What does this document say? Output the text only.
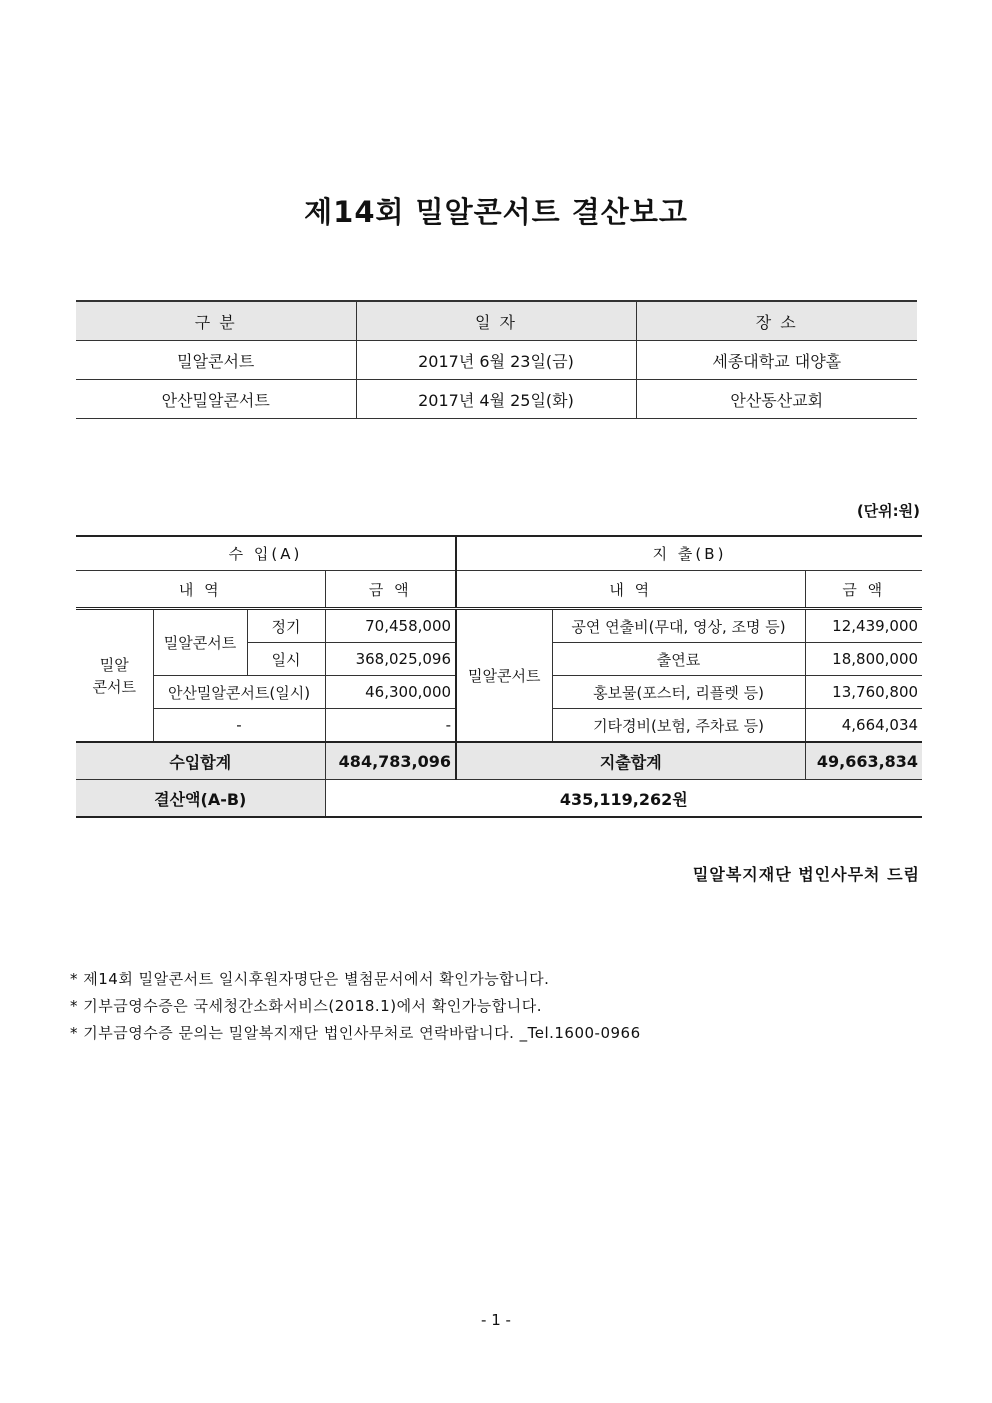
제14회 밀알콘서트 결산보고
구 분	일 자	장 소
밀알콘서트	2017년 6월 23일(금)	세종대학교 대양홀
안산밀알콘서트	2017년 4월 25일(화)	안산동산교회
(단위:원)
수 입(A)				지 출(B)		
내 역			금 액	내 역		금 액
밀알
콘서트	밀알콘서트	정기	70,458,000	밀알콘서트	공연 연출비(무대, 영상, 조명 등)	12,439,000
		일시	368,025,096		출연료	18,800,000
	안산밀알콘서트(일시)		46,300,000		홍보물(포스터, 리플렛 등)	13,760,800
	-		-		기타경비(보험, 주차료 등)	4,664,034
수입합계			484,783,096	지출합계		49,663,834
결산액(A-B)			435,119,262원			
밀알복지재단 법인사무처 드림
* 제14회 밀알콘서트 일시후원자명단은 별첨문서에서 확인가능합니다.
* 기부금영수증은 국세청간소화서비스(2018.1)에서 확인가능합니다.
* 기부금영수증 문의는 밀알복지재단 법인사무처로 연락바랍니다. _Tel.1600-0966
- 1 -
